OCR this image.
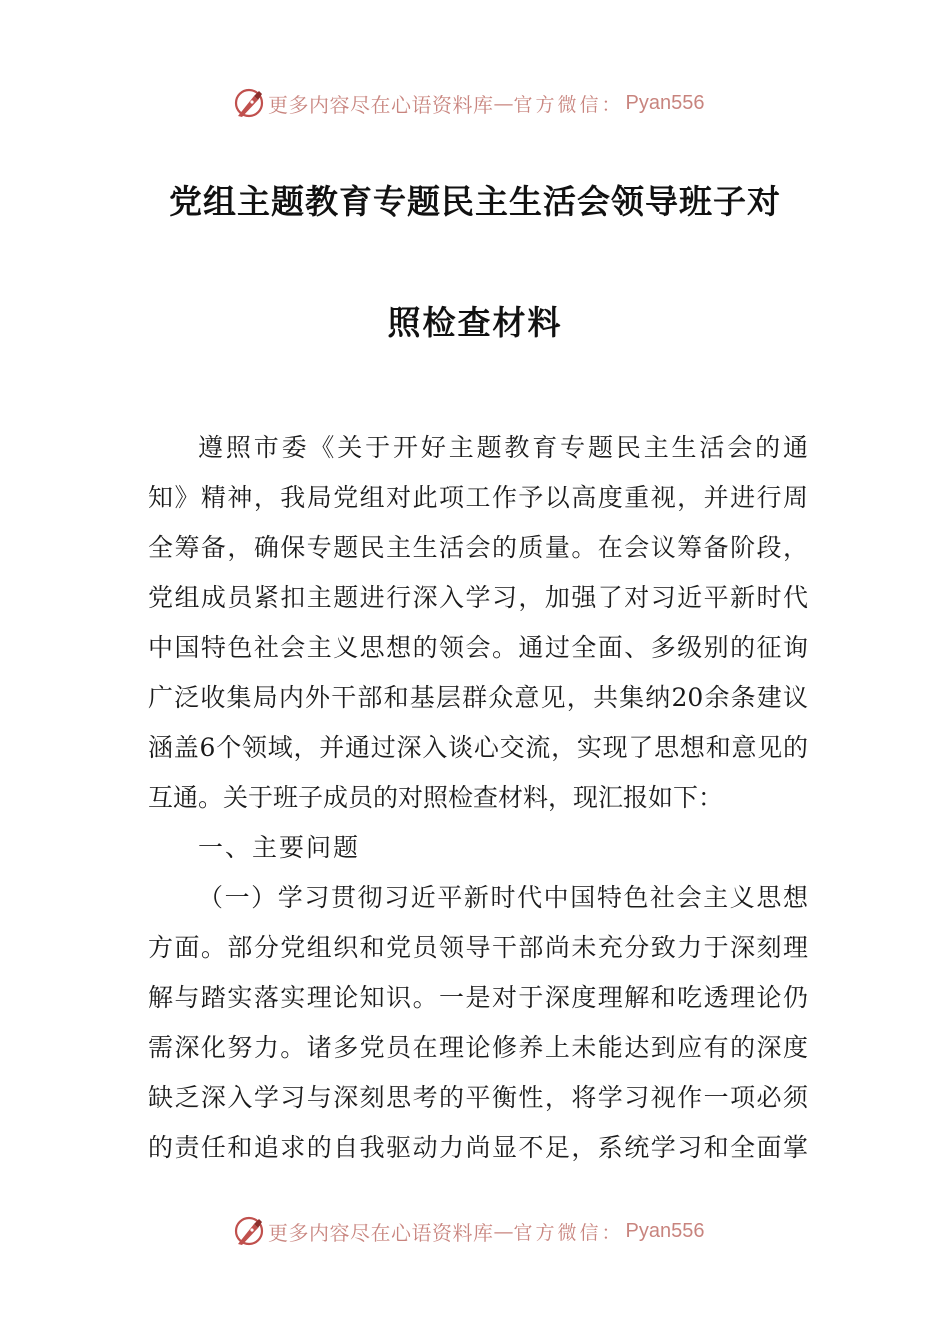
更多内容尽在心语资料库 — 官方微信： Pyan556
党组主题教育专题民主生活会领导班子对
照检查材料
遵照市委《关于开好主题教育专题民主生活会的通
知》精神，我局党组对此项工作予以高度重视，并进行周
全筹备，确保专题民主生活会的质量。在会议筹备阶段，
党组成员紧扣主题进行深入学习，加强了对习近平新时代
中国特色社会主义思想的领会。通过全面、多级别的征询
广泛收集局内外干部和基层群众意见，共集纳20余条建议
涵盖6个领域，并通过深入谈心交流，实现了思想和意见的
互通。关于班子成员的对照检查材料，现汇报如下：
一、主要问题
（一）学习贯彻习近平新时代中国特色社会主义思想
方面。部分党组织和党员领导干部尚未充分致力于深刻理
解与踏实落实理论知识。一是对于深度理解和吃透理论仍
需深化努力。诸多党员在理论修养上未能达到应有的深度
缺乏深入学习与深刻思考的平衡性，将学习视作一项必须
的责任和追求的自我驱动力尚显不足，系统学习和全面掌
更多内容尽在心语资料库 — 官方微信： Pyan556
